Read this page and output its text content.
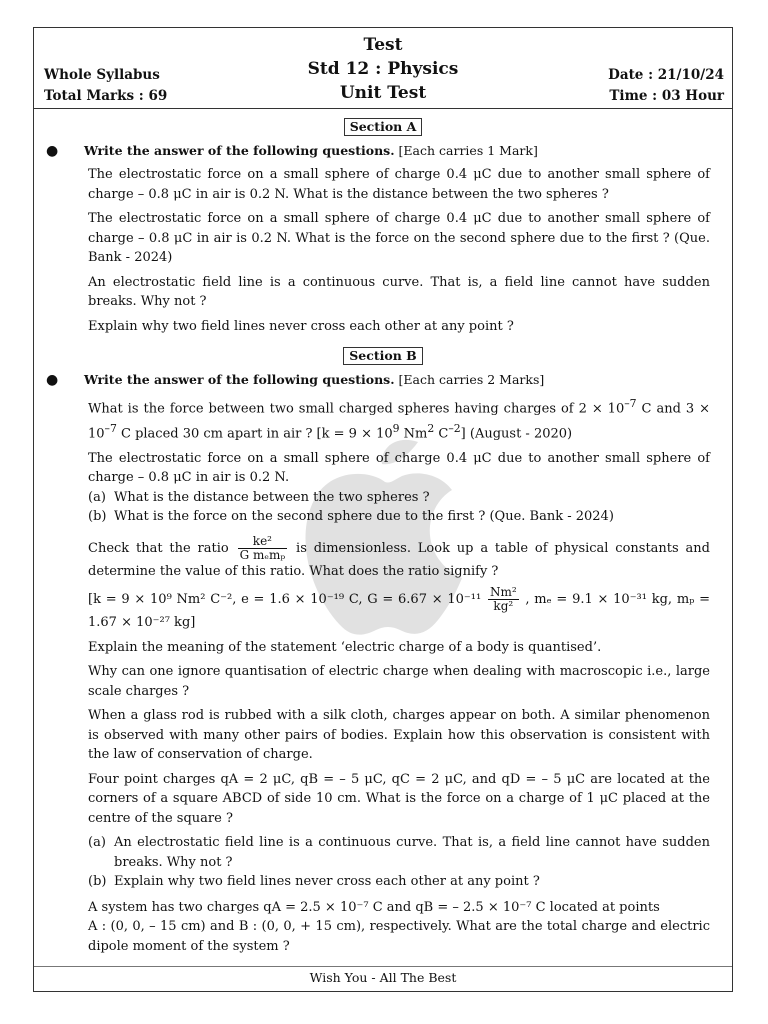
Test
Std 12 : Physics
Unit Test
Whole Syllabus
Total Marks : 69
Date : 21/10/24
Time : 03 Hour
Section A
● Write the answer of the following questions. [Each carries 1 Mark]
The electrostatic force on a small sphere of charge 0.4 μC due to another small sphere of charge – 0.8 μC in air is 0.2 N. What is the distance between the two spheres ?
The electrostatic force on a small sphere of charge 0.4 μC due to another small sphere of charge – 0.8 μC in air is 0.2 N. What is the force on the second sphere due to the first ? (Que. Bank - 2024)
An electrostatic field line is a continuous curve. That is, a field line cannot have sudden breaks. Why not ?
Explain why two field lines never cross each other at any point ?
Section B
● Write the answer of the following questions. [Each carries 2 Marks]
What is the force between two small charged spheres having charges of $2 \times 10^{-7}$ C and $3 \times 10^{-7}$ C placed 30 cm apart in air ? [$k = 9 \times 10^9$ Nm$^2$ $C^{-2}$] (August - 2020)
The electrostatic force on a small sphere of charge 0.4 μC due to another small sphere of charge – 0.8 μC in air is 0.2 N.
(a) What is the distance between the two spheres ?
(b) What is the force on the second sphere due to the first ? (Que. Bank - 2024)
Check that the ratio $\frac{\text{ke²}}{\text{G mₑmₚ}}$ is dimensionless. Look up a table of physical constants and determine the value of this ratio. What does the ratio signify ?
[k = 9 × 10⁹ Nm² C⁻², e = 1.6 × 10⁻¹⁹ C, $G = 6.67 \times 10^{-11} \frac{\text{Nm²}}{\text{kg²}}$ , mₑ = 9.1 × 10⁻³¹ kg, mₚ = 1.67 × 10⁻²⁷ kg]
Explain the meaning of the statement ‘electric charge of a body is quantised’.
Why can one ignore quantisation of electric charge when dealing with macroscopic i.e., large scale charges ?
When a glass rod is rubbed with a silk cloth, charges appear on both. A similar phenomenon is observed with many other pairs of bodies. Explain how this observation is consistent with the law of conservation of charge.
Four point charges qA = 2 μC, qB = – 5 μC, qC = 2 μC, and qD = – 5 μC are located at the corners of a square ABCD of side 10 cm. What is the force on a charge of 1 μC placed at the centre of the square ?
(a) An electrostatic field line is a continuous curve. That is, a field line cannot have sudden breaks. Why not ?
(b) Explain why two field lines never cross each other at any point ?
A system has two charges qA = 2.5 × 10⁻⁷ C and qB = – 2.5 × 10⁻⁷ C located at points
A : (0, 0, – 15 cm) and B : (0, 0, + 15 cm), respectively. What are the total charge and electric dipole moment of the system ?
Wish You - All The Best
